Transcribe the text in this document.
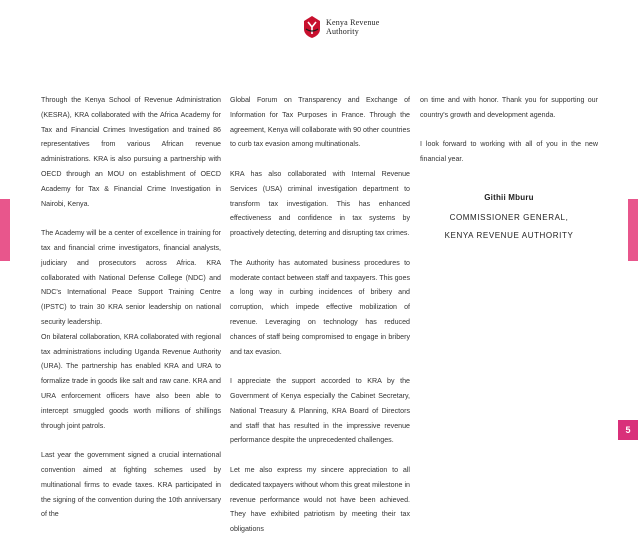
Kenya Revenue
Authority

Through the Kenya School of Revenue Administration (KESRA), KRA collaborated with the Africa Academy for Tax and Financial Crimes Investigation and trained 86 representatives from various African revenue administrations. KRA is also pursuing a partnership with OECD through an MOU on establishment of OECD Academy for Tax & Financial Crime Investigation in Nairobi, Kenya.

The Academy will be a center of excellence in training for tax and financial crime investigators, financial analysts, judiciary and prosecutors across Africa. KRA collaborated with National Defense College (NDC) and NDC's International Peace Support Training Centre (IPSTC) to train 30 KRA senior leadership on national security leadership.

On bilateral collaboration, KRA collaborated with regional tax administrations including Uganda Revenue Authority (URA). The partnership has enabled KRA and URA to formalize trade in goods like salt and raw cane. KRA and URA enforcement officers have also been able to intercept smuggled goods worth millions of shillings through joint patrols.

Last year the government signed a crucial international convention aimed at fighting schemes used by multinational firms to evade taxes. KRA participated in the signing of the convention during the 10th anniversary of the

Global Forum on Transparency and Exchange of Information for Tax Purposes in France. Through the agreement, Kenya will collaborate with 90 other countries to curb tax evasion among multinationals.

KRA has also collaborated with Internal Revenue Services (USA) criminal investigation department to transform tax investigation. This has enhanced effectiveness and confidence in tax systems by proactively detecting, deterring and disrupting tax crimes.

The Authority has automated business procedures to moderate contact between staff and taxpayers. This goes a long way in curbing incidences of bribery and corruption, which impede effective mobilization of revenue. Leveraging on technology has reduced chances of staff being compromised to engage in bribery and tax evasion.

I appreciate the support accorded to KRA by the Government of Kenya especially the Cabinet Secretary, National Treasury & Planning, KRA Board of Directors and staff that has resulted in the impressive revenue performance despite the unprecedented challenges.

Let me also express my sincere appreciation to all dedicated taxpayers without whom this great milestone in revenue performance would not have been achieved. They have exhibited patriotism by meeting their tax obligations

on time and with honor. Thank you for supporting our country's growth and development agenda.

I look forward to working with all of you in the new financial year.

Githii Mburu
COMMISSIONER GENERAL,
KENYA REVENUE AUTHORITY
5
